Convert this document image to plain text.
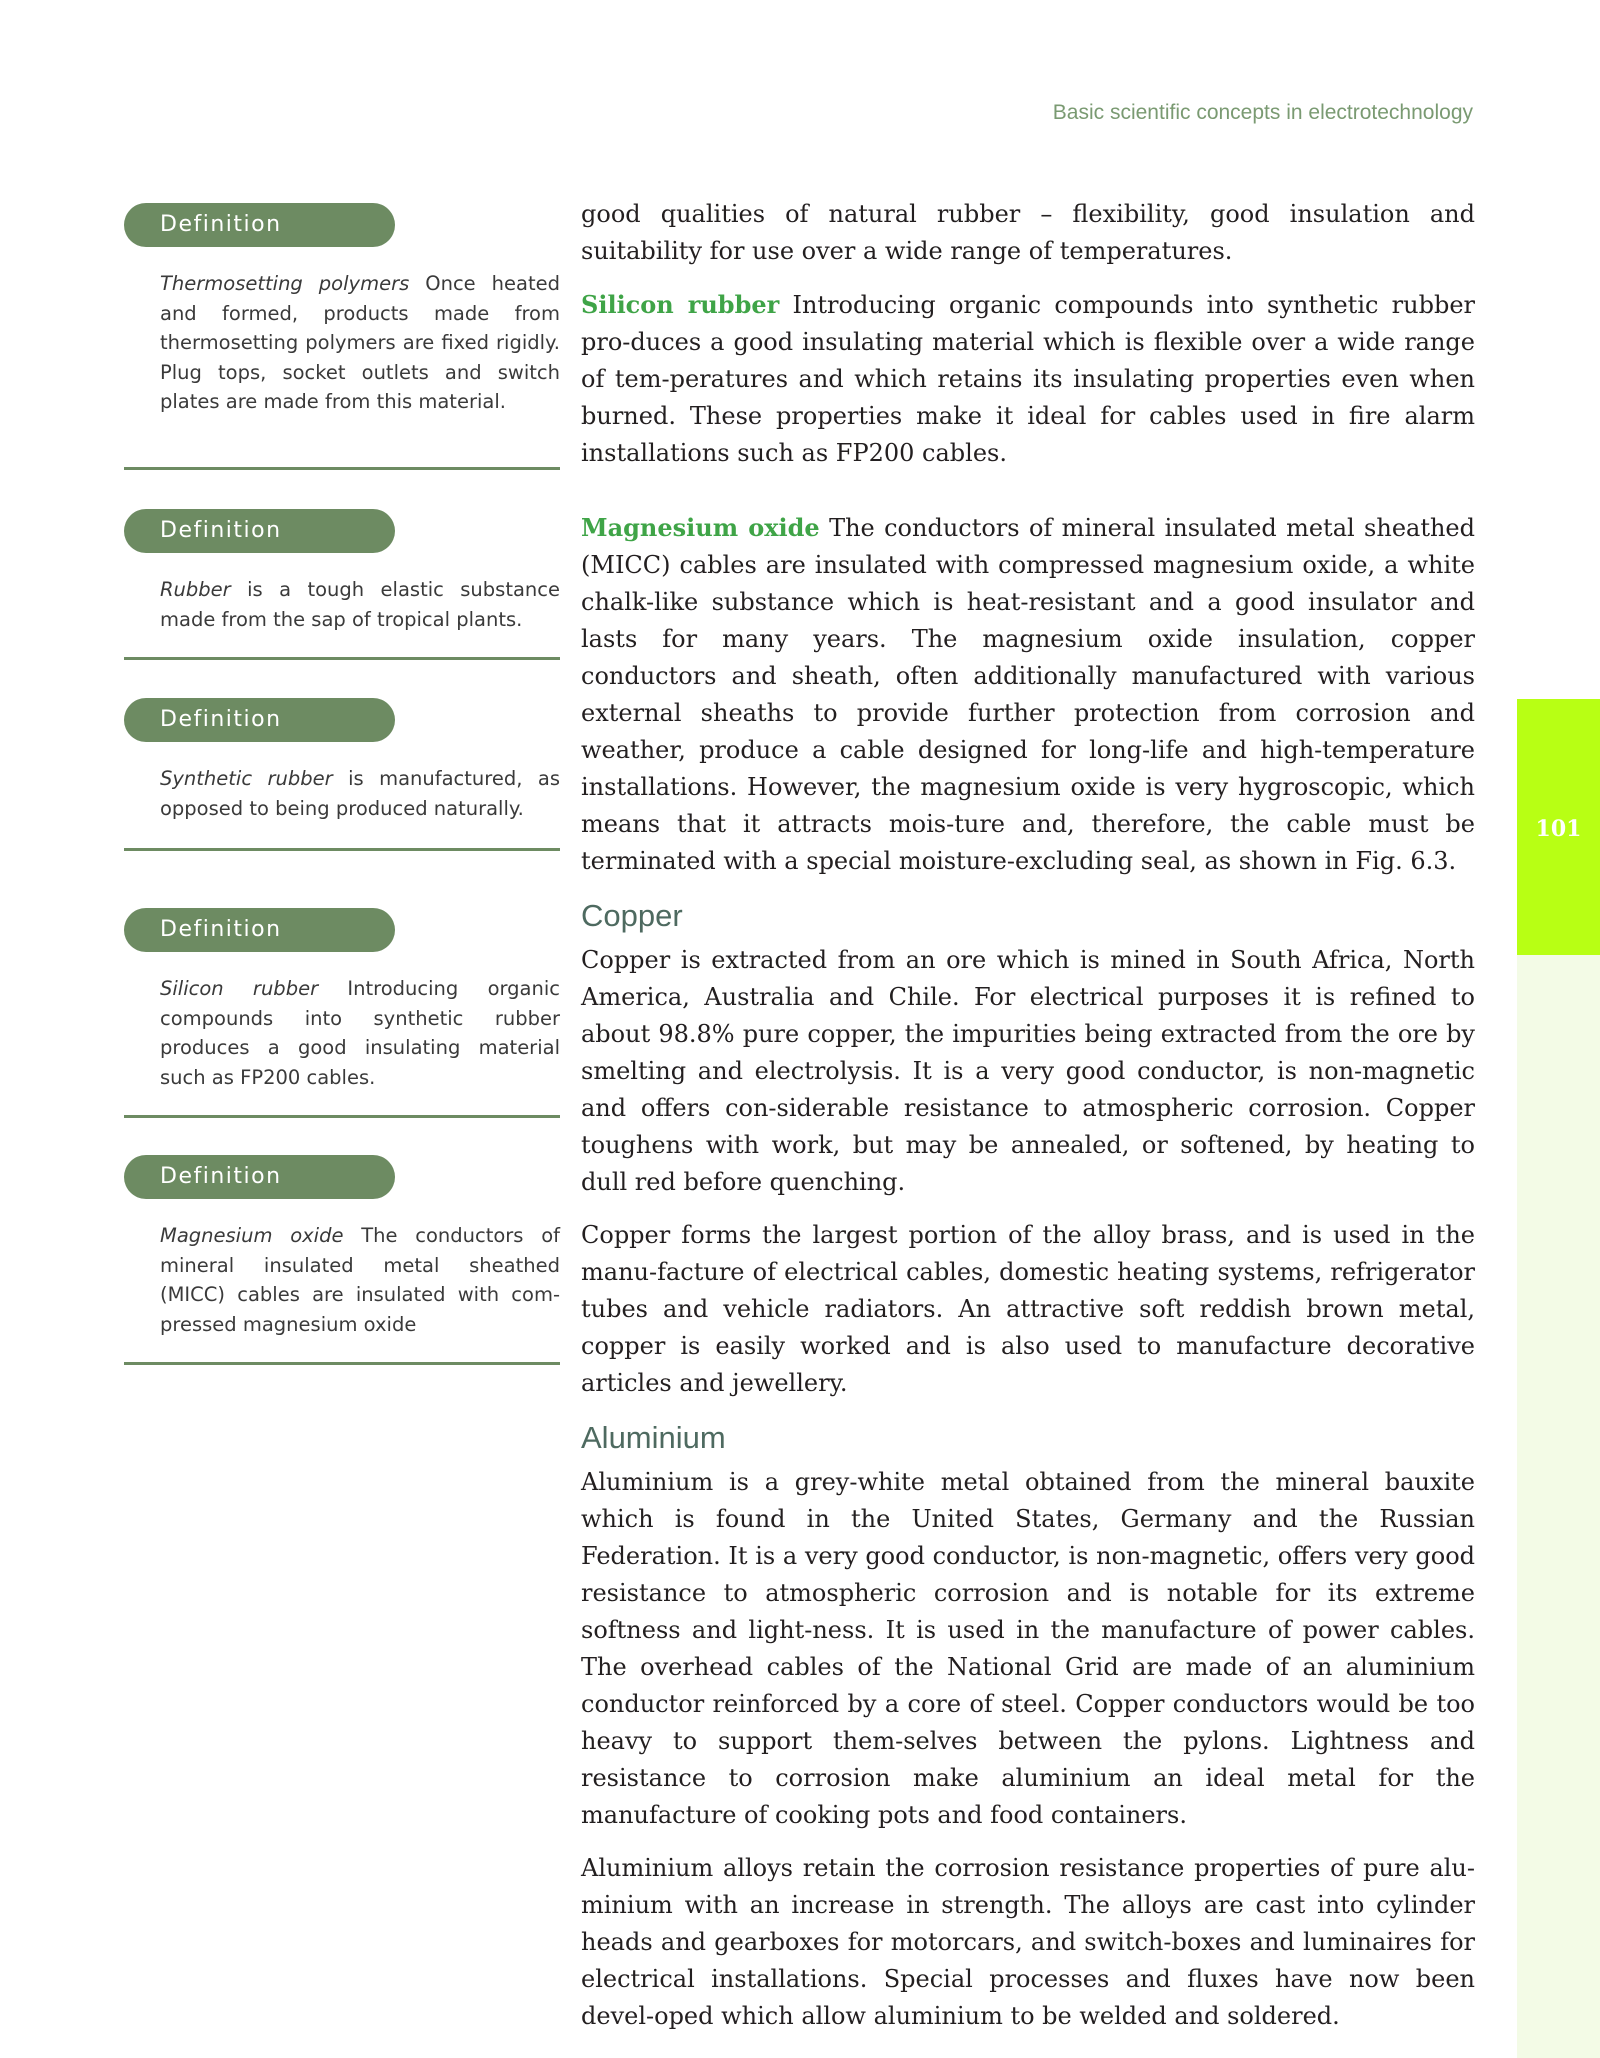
Basic scientific concepts in electrotechnology
101
Definition
Thermosetting polymers Once heated and formed, products made from thermosetting polymers are fixed rigidly. Plug tops, socket outlets and switch plates are made from this material.
Definition
Rubber is a tough elastic substance made from the sap of tropical plants.
Definition
Synthetic rubber is manufactured, as opposed to being produced naturally.
Definition
Silicon rubber Introducing organic compounds into synthetic rubber produces a good insulating material such as FP200 cables.
Definition
Magnesium oxide The conductors of mineral insulated metal sheathed (MICC) cables are insulated with com-pressed magnesium oxide

good qualities of natural rubber – flexibility, good insulation and suitability for use over a wide range of temperatures.

Silicon rubber Introducing organic compounds into synthetic rubber pro-duces a good insulating material which is flexible over a wide range of tem-peratures and which retains its insulating properties even when burned. These properties make it ideal for cables used in fire alarm installations such as FP200 cables.

Magnesium oxide The conductors of mineral insulated metal sheathed (MICC) cables are insulated with compressed magnesium oxide, a white chalk-like substance which is heat-resistant and a good insulator and lasts for many years. The magnesium oxide insulation, copper conductors and sheath, often additionally manufactured with various external sheaths to provide further protection from corrosion and weather, produce a cable designed for long-life and high-temperature installations. However, the magnesium oxide is very hygroscopic, which means that it attracts mois-ture and, therefore, the cable must be terminated with a special moisture-excluding seal, as shown in Fig. 6.3.

Copper

Copper is extracted from an ore which is mined in South Africa, North America, Australia and Chile. For electrical purposes it is refined to about 98.8% pure copper, the impurities being extracted from the ore by smelting and electrolysis. It is a very good conductor, is non-magnetic and offers con-siderable resistance to atmospheric corrosion. Copper toughens with work, but may be annealed, or softened, by heating to dull red before quenching.

Copper forms the largest portion of the alloy brass, and is used in the manu-facture of electrical cables, domestic heating systems, refrigerator tubes and vehicle radiators. An attractive soft reddish brown metal, copper is easily worked and is also used to manufacture decorative articles and jewellery.

Aluminium

Aluminium is a grey-white metal obtained from the mineral bauxite which is found in the United States, Germany and the Russian Federation. It is a very good conductor, is non-magnetic, offers very good resistance to atmospheric corrosion and is notable for its extreme softness and light-ness. It is used in the manufacture of power cables. The overhead cables of the National Grid are made of an aluminium conductor reinforced by a core of steel. Copper conductors would be too heavy to support them-selves between the pylons. Lightness and resistance to corrosion make aluminium an ideal metal for the manufacture of cooking pots and food containers.

Aluminium alloys retain the corrosion resistance properties of pure alu-minium with an increase in strength. The alloys are cast into cylinder heads and gearboxes for motorcars, and switch-boxes and luminaires for electrical installations. Special processes and fluxes have now been devel-oped which allow aluminium to be welded and soldered.
